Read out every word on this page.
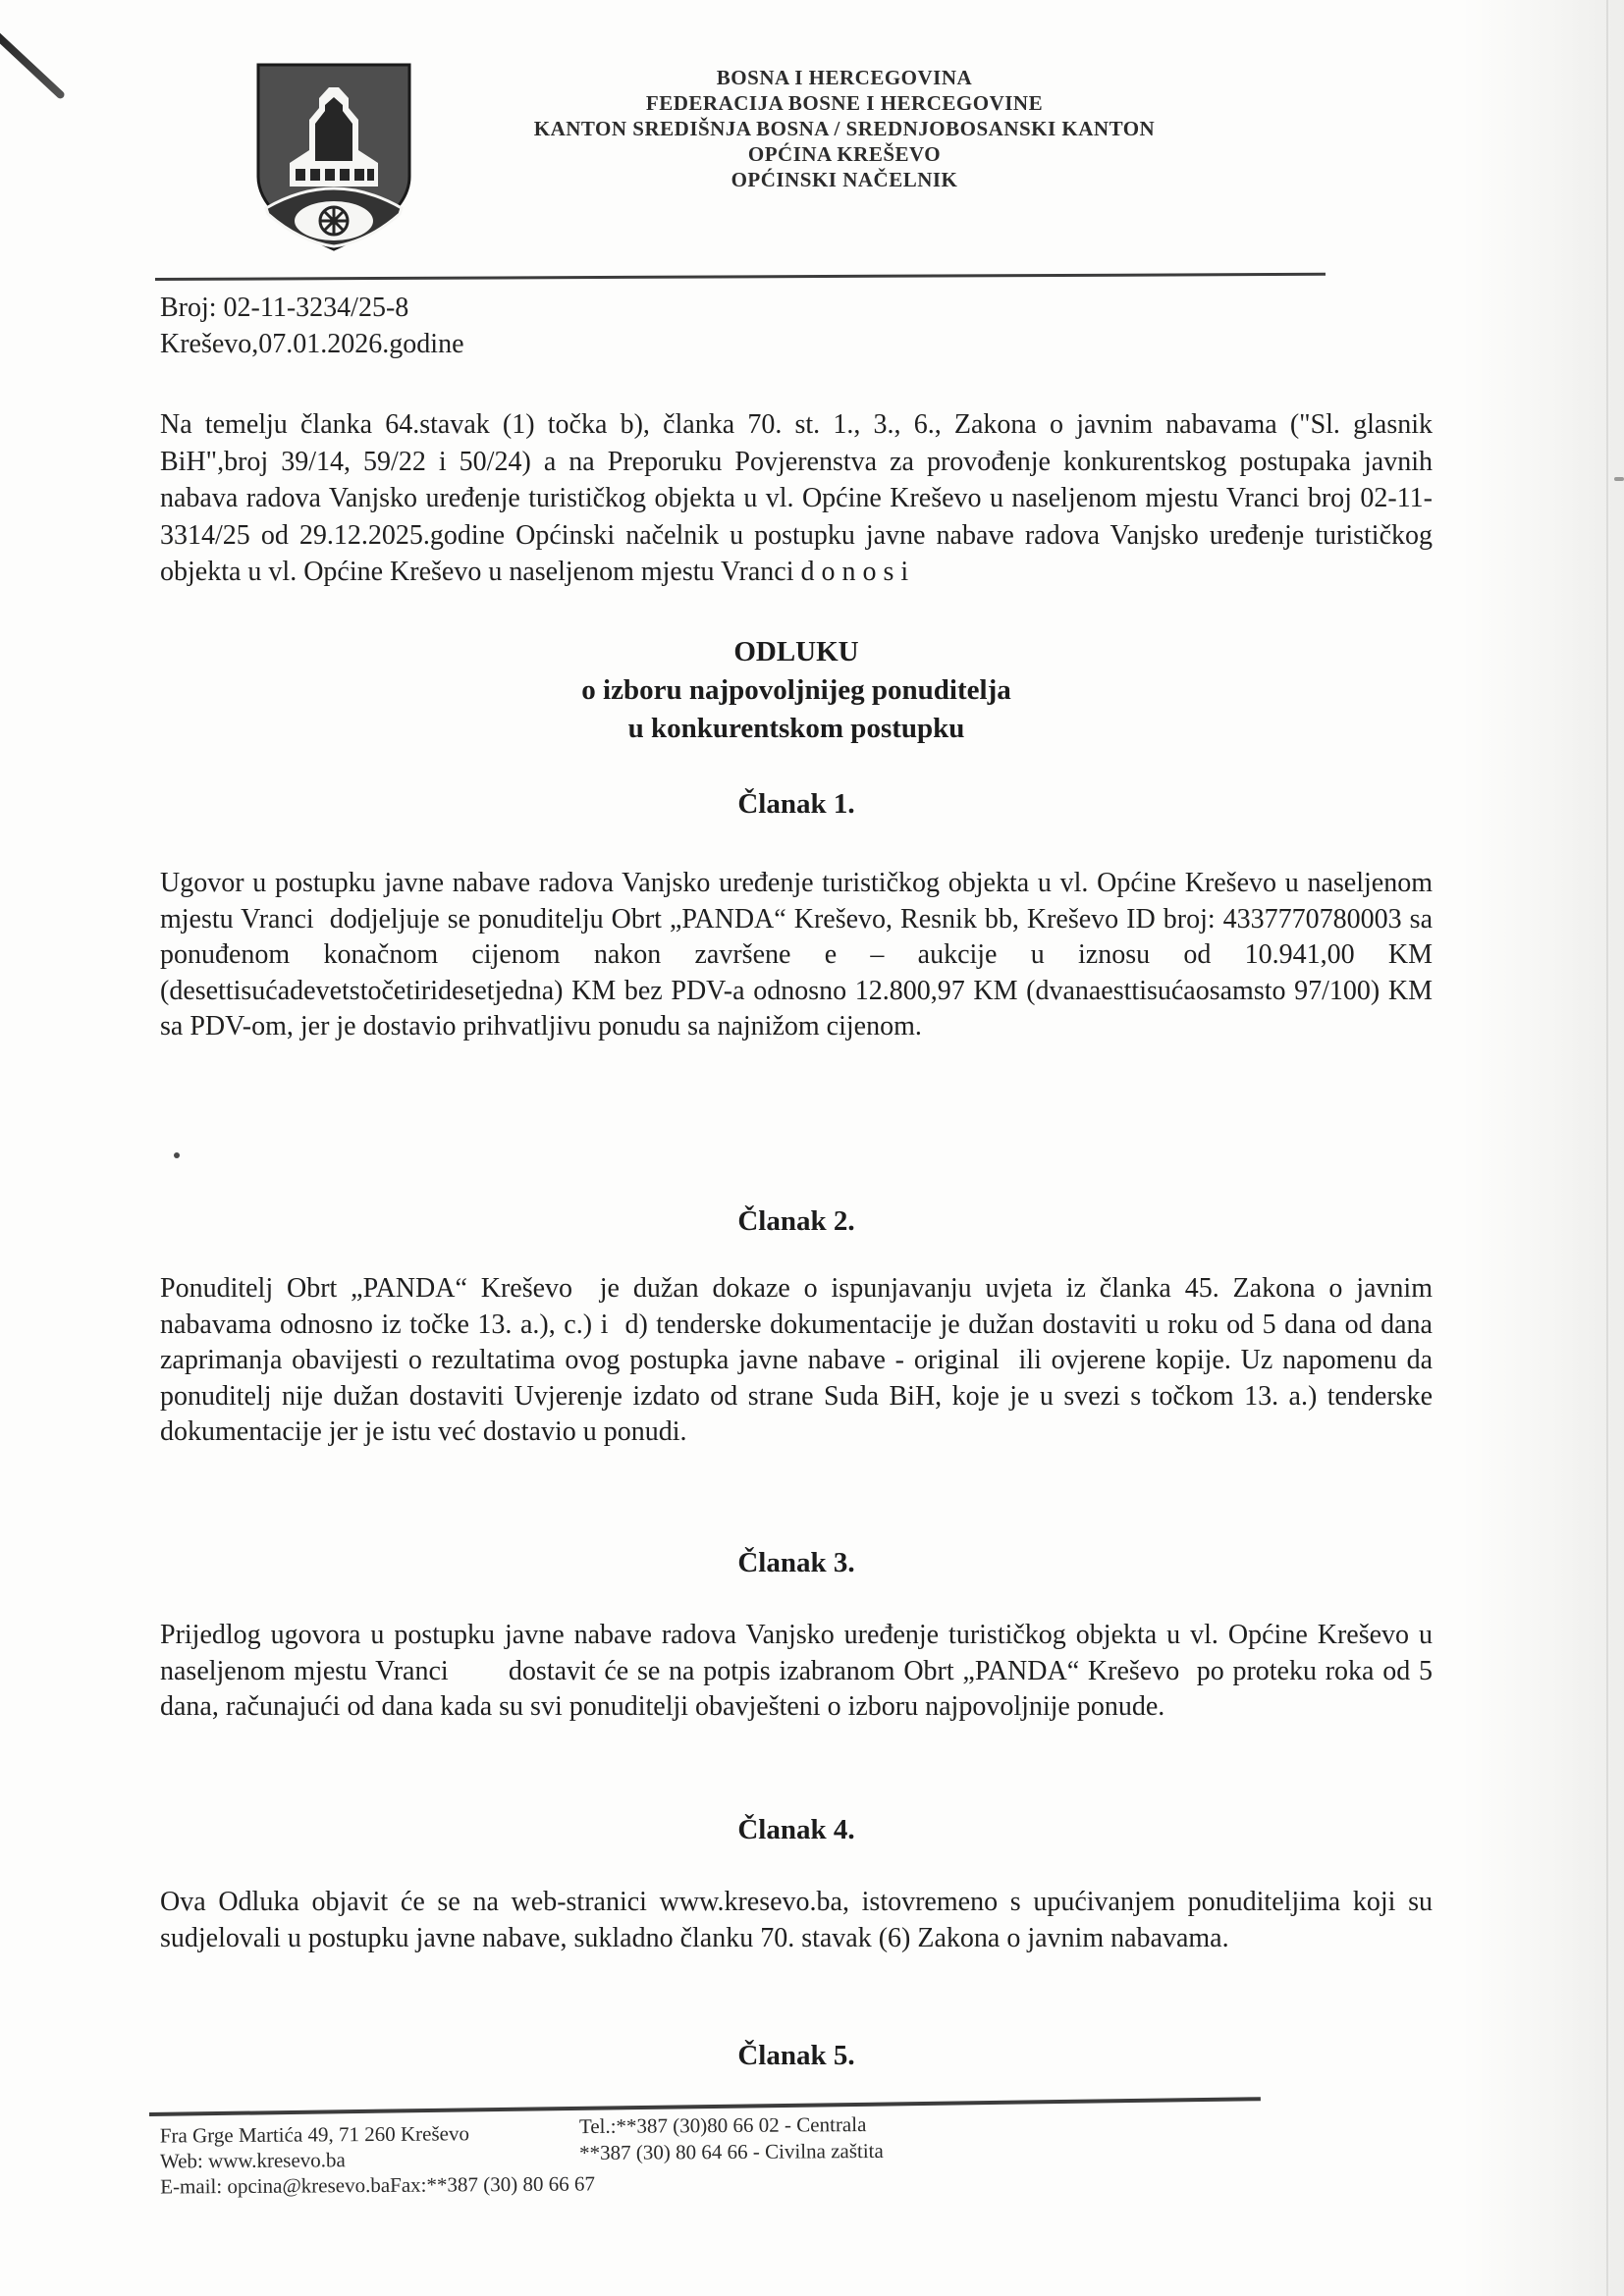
BOSNA I HERCEGOVINA
FEDERACIJA BOSNE I HERCEGOVINE
KANTON SREDIŠNJA BOSNA / SREDNJOBOSANSKI KANTON
OPĆINA KREŠEVO
OPĆINSKI NAČELNIK
Broj: 02-11-3234/25-8
Kreševo,07.01.2026.godine

Na temelju članka 64.stavak (1) točka b), članka 70. st. 1., 3., 6., Zakona o javnim nabavama ("Sl. glasnik BiH",broj 39/14, 59/22 i 50/24) a na Preporuku Povjerenstva za provođenje konkurentskog postupaka javnih nabava radova Vanjsko uređenje turističkog objekta u vl. Općine Kreševo u naseljenom mjestu Vranci broj 02-11-3314/25 od 29.12.2025.godine Općinski načelnik u postupku javne nabave radova Vanjsko uređenje turističkog objekta u vl. Općine Kreševo u naseljenom mjestu Vranci d o n o s i

ODLUKU
o izboru najpovoljnijeg ponuditelja
u konkurentskom postupku
Članak 1.

Ugovor u postupku javne nabave radova Vanjsko uređenje turističkog objekta u vl. Općine Kreševo u naseljenom mjestu Vranci  dodjeljuje se ponuditelju Obrt „PANDA“ Kreševo, Resnik bb, Kreševo ID broj: 4337770780003 sa ponuđenom konačnom cijenom nakon završene e – aukcije u iznosu od 10.941,00 KM (desettisućadevetstočetiridesetjedna) KM bez PDV-a odnosno 12.800,97 KM (dvanaesttisućaosamsto 97/100) KM sa PDV-om, jer je dostavio prihvatljivu ponudu sa najnižom cijenom.

Članak 2.

Ponuditelj Obrt „PANDA“ Kreševo  je dužan dokaze o ispunjavanju uvjeta iz članka 45. Zakona o javnim nabavama odnosno iz točke 13. a.), c.) i  d) tenderske dokumentacije je dužan dostaviti u roku od 5 dana od dana zaprimanja obavijesti o rezultatima ovog postupka javne nabave - original  ili ovjerene kopije. Uz napomenu da ponuditelj nije dužan dostaviti Uvjerenje izdato od strane Suda BiH, koje je u svezi s točkom 13. a.) tenderske dokumentacije jer je istu već dostavio u ponudi.

Članak 3.

Prijedlog ugovora u postupku javne nabave radova Vanjsko uređenje turističkog objekta u vl. Općine Kreševo u naseljenom mjestu Vranci       dostavit će se na potpis izabranom Obrt „PANDA“ Kreševo  po proteku roka od 5 dana, računajući od dana kada su svi ponuditelji obavješteni o izboru najpovoljnije ponude.

Članak 4.

Ova Odluka objavit će se na web-stranici www.kresevo.ba, istovremeno s upućivanjem ponuditeljima koji su sudjelovali u postupku javne nabave, sukladno članku 70. stavak (6) Zakona o javnim nabavama.

Članak 5.
Fra Grge Martića 49, 71 260 Kreševo
Web: www.kresevo.ba
E-mail: opcina@kresevo.baFax:**387 (30) 80 66 67
Tel.:**387 (30)80 66 02 - Centrala
**387 (30) 80 64 66 - Civilna zaštita
